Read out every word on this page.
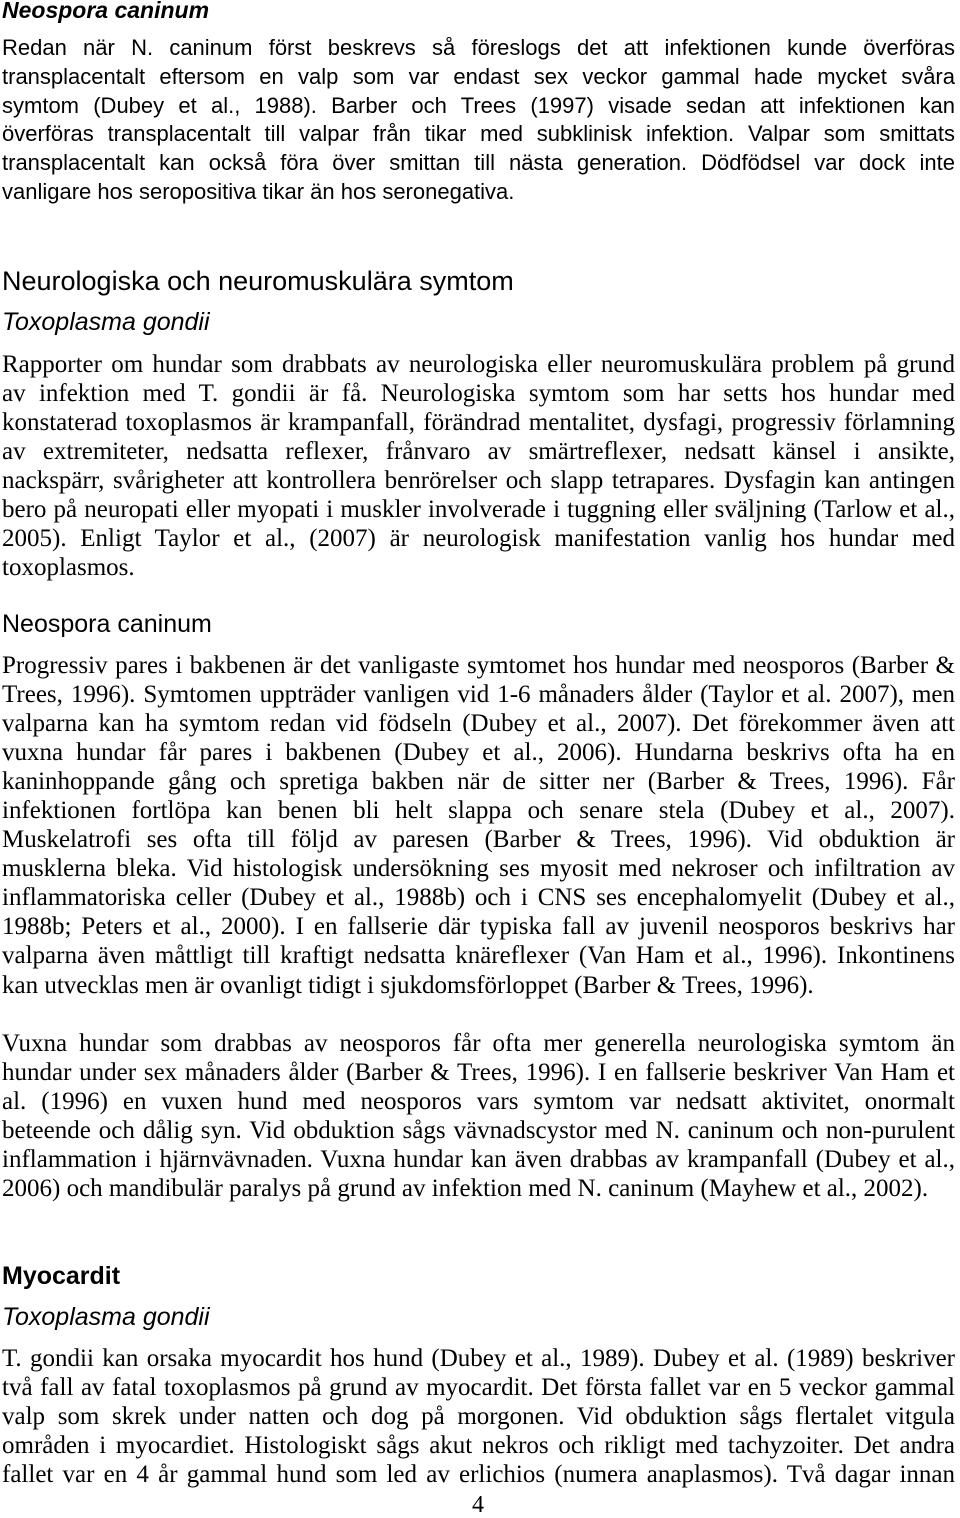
Neospora caninum
Redan när N. caninum först beskrevs så föreslogs det att infektionen kunde överföras
transplacentalt eftersom en valp som var endast sex veckor gammal hade mycket svåra
symtom (Dubey et al., 1988). Barber och Trees (1997) visade sedan att infektionen kan
överföras transplacentalt till valpar från tikar med subklinisk infektion. Valpar som smittats
transplacentalt kan också föra över smittan till nästa generation. Dödfödsel var dock inte
vanligare hos seropositiva tikar än hos seronegativa.
Neurologiska och neuromuskulära symtom
Toxoplasma gondii
Rapporter om hundar som drabbats av neurologiska eller neuromuskulära problem på grund
av infektion med T. gondii är få. Neurologiska symtom som har setts hos hundar med
konstaterad toxoplasmos är krampanfall, förändrad mentalitet, dysfagi, progressiv förlamning
av extremiteter, nedsatta reflexer, frånvaro av smärtreflexer, nedsatt känsel i ansikte,
nackspärr, svårigheter att kontrollera benrörelser och slapp tetrapares. Dysfagin kan antingen
bero på neuropati eller myopati i muskler involverade i tuggning eller sväljning (Tarlow et al.,
2005). Enligt Taylor et al., (2007) är neurologisk manifestation vanlig hos hundar med
toxoplasmos.
Neospora caninum
Progressiv pares i bakbenen är det vanligaste symtomet hos hundar med neosporos (Barber &
Trees, 1996). Symtomen uppträder vanligen vid 1-6 månaders ålder (Taylor et al. 2007), men
valparna kan ha symtom redan vid födseln (Dubey et al., 2007). Det förekommer även att
vuxna hundar får pares i bakbenen (Dubey et al., 2006). Hundarna beskrivs ofta ha en
kaninhoppande gång och spretiga bakben när de sitter ner (Barber & Trees, 1996). Får
infektionen fortlöpa kan benen bli helt slappa och senare stela (Dubey et al., 2007).
Muskelatrofi ses ofta till följd av paresen (Barber & Trees, 1996). Vid obduktion är
musklerna bleka. Vid histologisk undersökning ses myosit med nekroser och infiltration av
inflammatoriska celler (Dubey et al., 1988b) och i CNS ses encephalomyelit (Dubey et al.,
1988b; Peters et al., 2000). I en fallserie där typiska fall av juvenil neosporos beskrivs har
valparna även måttligt till kraftigt nedsatta knäreflexer (Van Ham et al., 1996). Inkontinens
kan utvecklas men är ovanligt tidigt i sjukdomsförloppet (Barber & Trees, 1996).
Vuxna hundar som drabbas av neosporos får ofta mer generella neurologiska symtom än
hundar under sex månaders ålder (Barber & Trees, 1996). I en fallserie beskriver Van Ham et
al. (1996) en vuxen hund med neosporos vars symtom var nedsatt aktivitet, onormalt
beteende och dålig syn. Vid obduktion sågs vävnadscystor med N. caninum och non-purulent
inflammation i hjärnvävnaden. Vuxna hundar kan även drabbas av krampanfall (Dubey et al.,
2006) och mandibulär paralys på grund av infektion med N. caninum (Mayhew et al., 2002).
Myocardit
Toxoplasma gondii
T. gondii kan orsaka myocardit hos hund (Dubey et al., 1989). Dubey et al. (1989) beskriver
två fall av fatal toxoplasmos på grund av myocardit. Det första fallet var en 5 veckor gammal
valp som skrek under natten och dog på morgonen. Vid obduktion sågs flertalet vitgula
områden i myocardiet. Histologiskt sågs akut nekros och rikligt med tachyzoiter. Det andra
fallet var en 4 år gammal hund som led av erlichios (numera anaplasmos). Två dagar innan
4
